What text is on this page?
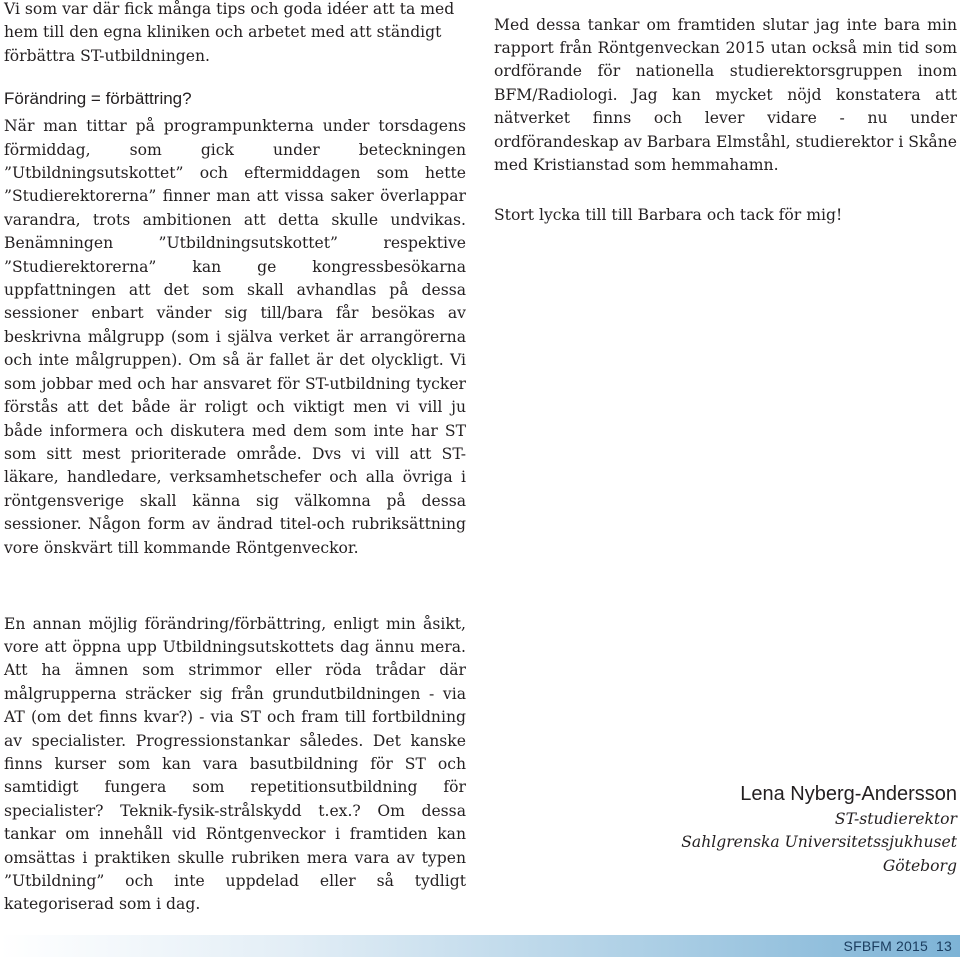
Vi som var där fick många tips och goda idéer att ta med hem till den egna kliniken och arbetet med att ständigt förbättra ST-utbildningen.

Förändring = förbättring?

När man tittar på programpunkterna under torsdagens förmiddag, som gick under beteckningen ”Utbildningsutskottet” och eftermiddagen som hette ”Studierektorerna” finner man att vissa saker överlappar varandra, trots ambitionen att detta skulle undvikas. Benämningen ”Utbildningsutskottet” respektive ”Studierektorerna” kan ge kongressbesökarna uppfattningen att det som skall avhandlas på dessa sessioner enbart vänder sig till/bara får besökas av beskrivna målgrupp (som i själva verket är arrangörerna och inte målgruppen). Om så är fallet är det olyckligt. Vi som jobbar med och har ansvaret för ST-utbildning tycker förstås att det både är roligt och viktigt men vi vill ju både informera och diskutera med dem som inte har ST som sitt mest prioriterade område. Dvs vi vill att ST-läkare, handledare, verksamhetschefer och alla övriga i röntgensverige skall känna sig välkomna på dessa sessioner. Någon form av ändrad titel-och rubriksättning vore önskvärt till kommande Röntgenveckor.

En annan möjlig förändring/förbättring, enligt min åsikt, vore att öppna upp Utbildningsutskottets dag ännu mera. Att ha ämnen som strimmor eller röda trådar där målgrupperna sträcker sig från grundutbildningen - via AT (om det finns kvar?) - via ST och fram till fortbildning av specialister. Progressionstankar således. Det kanske finns kurser som kan vara basutbildning för ST och samtidigt fungera som repetitionsutbildning för specialister? Teknik-fysik-strålskydd t.ex.? Om dessa tankar om innehåll vid Röntgenveckor i framtiden kan omsättas i praktiken skulle rubriken mera vara av typen ”Utbildning” och inte uppdelad eller så tydligt kategoriserad som i dag.

Med dessa tankar om framtiden slutar jag inte bara min rapport från Röntgenveckan 2015 utan också min tid som ordförande för nationella studierektorsgruppen inom BFM/Radiologi. Jag kan mycket nöjd konstatera att nätverket finns och lever vidare - nu under ordförandeskap av Barbara Elmståhl, studierektor i Skåne med Kristianstad som hemmahamn.

Stort lycka till till Barbara och tack för mig!

Lena Nyberg-Andersson
ST-studierektor
Sahlgrenska Universitetssjukhuset
Göteborg
SFBFM 2015 13
